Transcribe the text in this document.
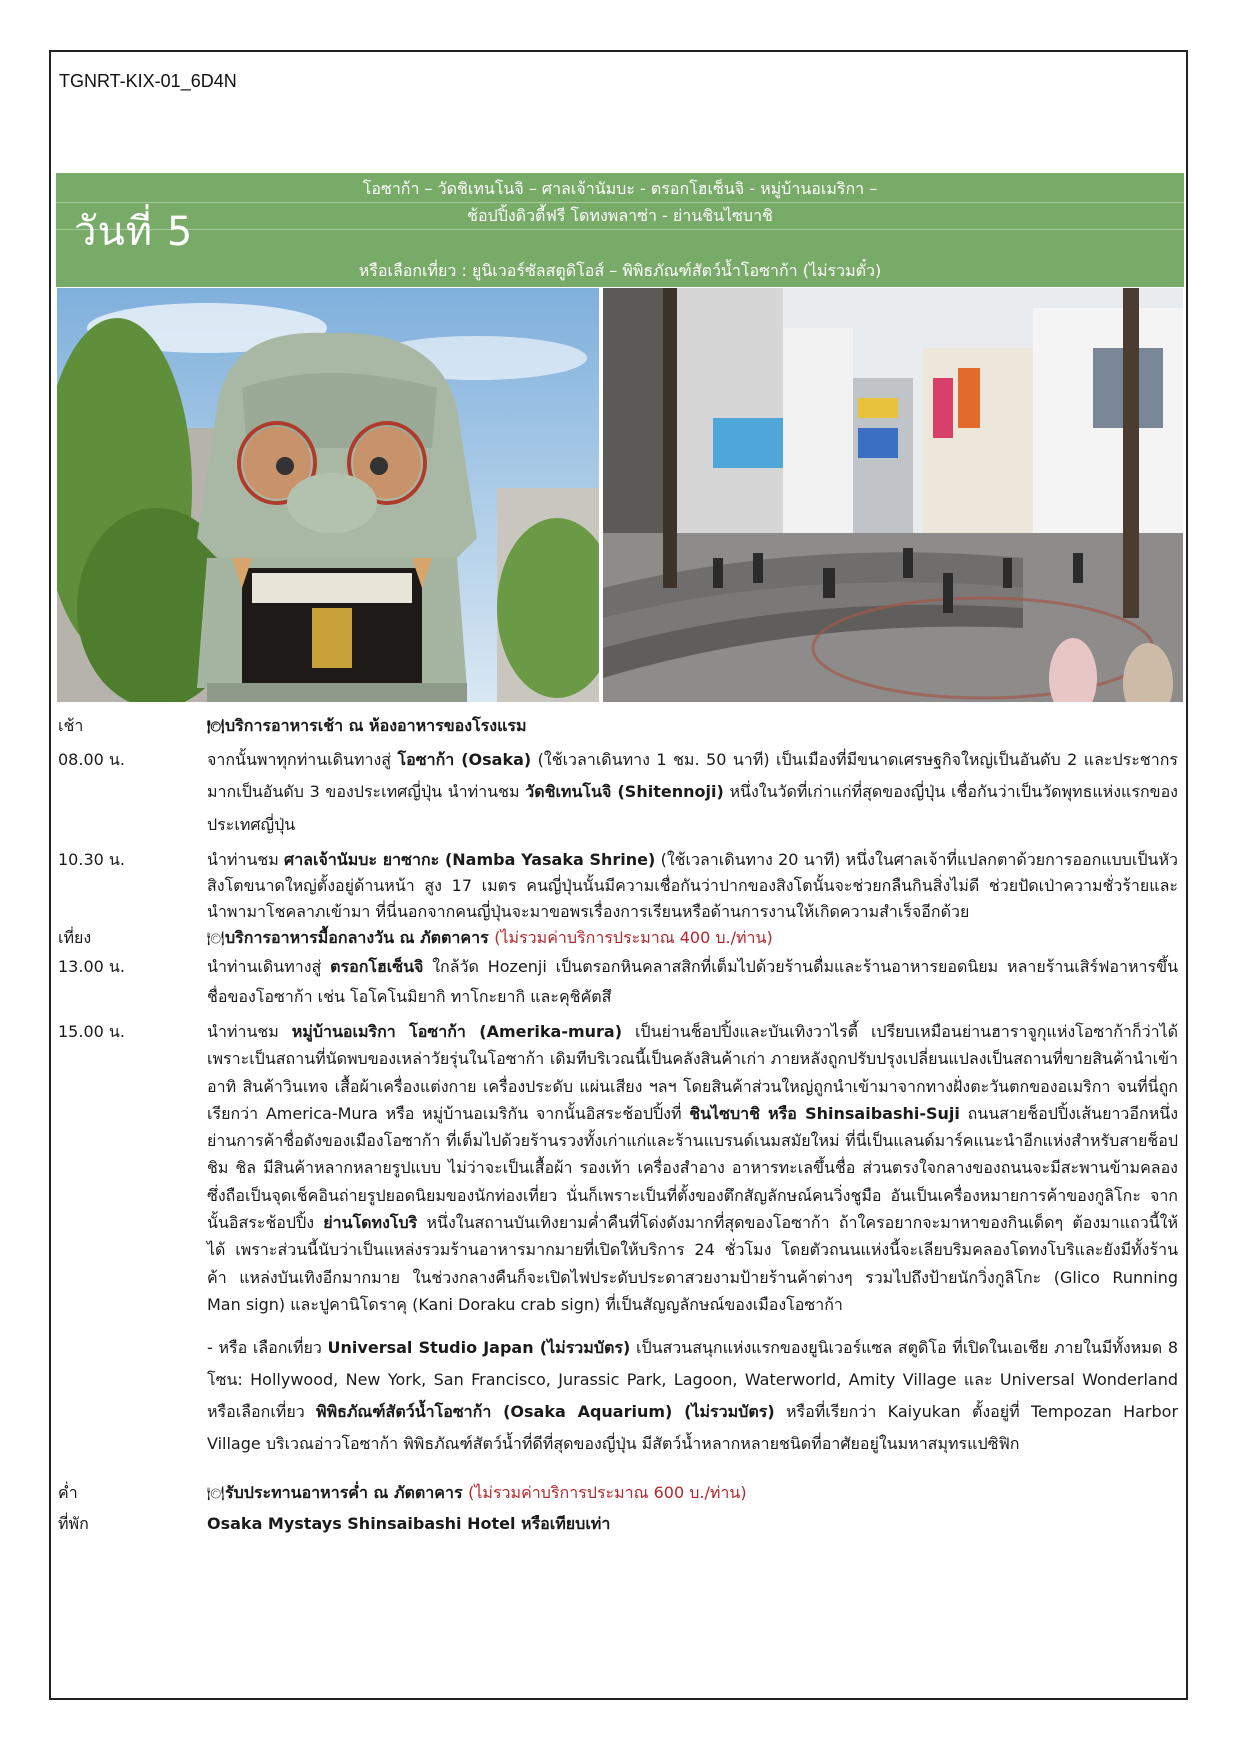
TGNRT-KIX-01_6D4N
วันที่ 5
โอซาก้า – วัดชิเทนโนจิ – ศาลเจ้านัมบะ - ตรอกโฮเซ็นจิ - หมู่บ้านอเมริกา –
ช้อปปิ้งดิวตี้ฟรี โดทงพลาซ่า - ย่านชินไซบาชิ
หรือเลือกเที่ยว : ยูนิเวอร์ซัลสตูดิโอส์ – พิพิธภัณฑ์สัตว์น้ำโอซาก้า (ไม่รวมตั๋ว)
เช้า	🍽บริการอาหารเช้า ณ ห้องอาหารของโรงแรม
08.00 น.	จากนั้นพาทุกท่านเดินทางสู่ โอซาก้า (Osaka) (ใช้เวลาเดินทาง 1 ชม. 50 นาที) เป็นเมืองที่มีขนาดเศรษฐกิจใหญ่เป็นอันดับ 2 และประชากรมากเป็นอันดับ 3 ของประเทศญี่ปุ่น นำท่านชม วัดชิเทนโนจิ (Shitennoji) หนึ่งในวัดที่เก่าแก่ที่สุดของญี่ปุ่น เชื่อกันว่าเป็นวัดพุทธแห่งแรกของประเทศญี่ปุ่น
10.30 น.	นำท่านชม ศาลเจ้านัมบะ ยาซากะ (Namba Yasaka Shrine) (ใช้เวลาเดินทาง 20 นาที) หนึ่งในศาลเจ้าที่แปลกตาด้วยการออกแบบเป็นหัวสิงโตขนาดใหญ่ตั้งอยู่ด้านหน้า สูง 17 เมตร คนญี่ปุ่นนั้นมีความเชื่อกันว่าปากของสิงโตนั้นจะช่วยกลืนกินสิ่งไม่ดี ช่วยปัดเป่าความชั่วร้ายและนำพามาโชคลาภเข้ามา ที่นี่นอกจากคนญี่ปุ่นจะมาขอพรเรื่องการเรียนหรือด้านการงานให้เกิดความสำเร็จอีกด้วย
เที่ยง	🍽บริการอาหารมื้อกลางวัน ณ ภัตตาคาร (ไม่รวมค่าบริการประมาณ 400 บ./ท่าน)
13.00 น.	นำท่านเดินทางสู่ ตรอกโฮเซ็นจิ ใกล้วัด Hozenji เป็นตรอกหินคลาสสิกที่เต็มไปด้วยร้านดื่มและร้านอาหารยอดนิยม หลายร้านเสิร์ฟอาหารขึ้นชื่อของโอซาก้า เช่น โอโคโนมิยากิ ทาโกะยากิ และคุชิคัตสึ
15.00 น.	นำท่านชม หมู่บ้านอเมริกา โอซาก้า (Amerika-mura) เป็นย่านช็อปปิ้งและบันเทิงวาไรตี้ เปรียบเหมือนย่านฮาราจูกุแห่งโอซาก้าก็ว่าได้ เพราะเป็นสถานที่นัดพบของเหล่าวัยรุ่นในโอซาก้า เดิมทีบริเวณนี้เป็นคลังสินค้าเก่า ภายหลังถูกปรับปรุงเปลี่ยนแปลงเป็นสถานที่ขายสินค้านำเข้า อาทิ สินค้าวินเทจ เสื้อผ้าเครื่องแต่งกาย เครื่องประดับ แผ่นเสียง ฯลฯ โดยสินค้าส่วนใหญ่ถูกนำเข้ามาจากทางฝั่งตะวันตกของอเมริกา จนที่นี่ถูกเรียกว่า America-Mura หรือ หมู่บ้านอเมริกัน จากนั้นอิสระช้อปปิ้งที่ ชินไซบาชิ หรือ Shinsaibashi-Suji ถนนสายช็อปปิ้งเส้นยาวอีกหนึ่งย่านการค้าชื่อดังของเมืองโอซาก้า ที่เต็มไปด้วยร้านรวงทั้งเก่าแก่และร้านแบรนด์เนมสมัยใหม่ ที่นี่เป็นแลนด์มาร์คแนะนำอีกแห่งสำหรับสายช็อป ชิม ชิล มีสินค้าหลากหลายรูปแบบ ไม่ว่าจะเป็นเสื้อผ้า รองเท้า เครื่องสำอาง อาหารทะเลขึ้นชื่อ ส่วนตรงใจกลางของถนนจะมีสะพานข้ามคลอง ซึ่งถือเป็นจุดเช็คอินถ่ายรูปยอดนิยมของนักท่องเที่ยว นั่นก็เพราะเป็นที่ตั้งของตึกสัญลักษณ์คนวิ่งชูมือ อันเป็นเครื่องหมายการค้าของกูลิโกะ จากนั้นอิสระช้อปปิ้ง ย่านโดทงโบริ หนึ่งในสถานบันเทิงยามค่ำคืนที่โด่งดังมากที่สุดของโอซาก้า ถ้าใครอยากจะมาหาของกินเด็ดๆ ต้องมาแถวนี้ให้ได้ เพราะส่วนนี้นับว่าเป็นแหล่งรวมร้านอาหารมากมายที่เปิดให้บริการ 24 ชั่วโมง โดยตัวถนนแห่งนี้จะเลียบริมคลองโดทงโบริและยังมีทั้งร้านค้า แหล่งบันเทิงอีกมากมาย ในช่วงกลางคืนก็จะเปิดไฟประดับประดาสวยงามป้ายร้านค้าต่างๆ รวมไปถึงป้ายนักวิ่งกูลิโกะ (Glico Running Man sign) และปูคานิโดราคุ (Kani Doraku crab sign) ที่เป็นสัญญลักษณ์ของเมืองโอซาก้า
- หรือ เลือกเที่ยว Universal Studio Japan (ไม่รวมบัตร) เป็นสวนสนุกแห่งแรกของยูนิเวอร์แซล สตูดิโอ ที่เปิดในเอเชีย ภายในมีทั้งหมด 8 โซน: Hollywood, New York, San Francisco, Jurassic Park, Lagoon, Waterworld, Amity Village และ Universal Wonderland หรือเลือกเที่ยว พิพิธภัณฑ์สัตว์น้ำโอซาก้า (Osaka Aquarium) (ไม่รวมบัตร) หรือที่เรียกว่า Kaiyukan ตั้งอยู่ที่ Tempozan Harbor Village บริเวณอ่าวโอซาก้า พิพิธภัณฑ์สัตว์น้ำที่ดีที่สุดของญี่ปุ่น มีสัตว์น้ำหลากหลายชนิดที่อาศัยอยู่ในมหาสมุทรแปซิฟิก
ค่ำ	🍽รับประทานอาหารค่ำ ณ ภัตตาคาร (ไม่รวมค่าบริการประมาณ 600 บ./ท่าน)
ที่พัก	Osaka Mystays Shinsaibashi Hotel หรือเทียบเท่า
